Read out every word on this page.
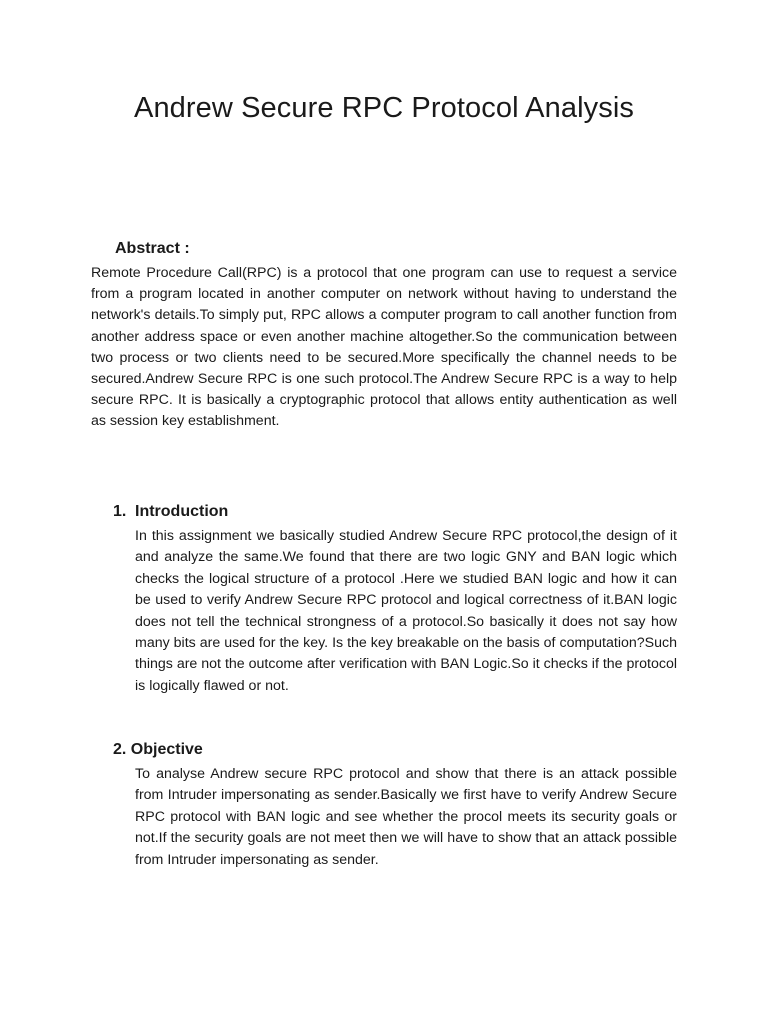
Andrew Secure RPC Protocol Analysis
Abstract :

Remote Procedure Call(RPC) is a protocol that one program can use to request a service from a program located in another computer on network without having to understand the network's details.To simply put, RPC allows a computer program to call another function from another address space or even another machine altogether.So the communication between two process or two clients need to be secured.More specifically the channel needs to be secured.Andrew Secure RPC is one such protocol.The Andrew Secure RPC is a way to help secure RPC. It is basically a cryptographic protocol that allows entity authentication as well as session key establishment.

1. Introduction

In this assignment we basically studied Andrew Secure RPC protocol,the design of it and analyze the same.We found that there are two logic GNY and BAN logic which checks the logical structure of a protocol .Here we studied BAN logic and how it can be used to verify Andrew Secure RPC protocol and logical correctness of it.BAN logic does not tell the technical strongness of a protocol.So basically it does not say how many bits are used for the key. Is the key breakable on the basis of computation?Such things are not the outcome after verification with BAN Logic.So it checks if the protocol is logically flawed or not.

2. Objective

To analyse Andrew secure RPC protocol and show that there is an attack possible from Intruder impersonating as sender.Basically we first have to verify Andrew Secure RPC protocol with BAN logic and see whether the procol meets its security goals or not.If the security goals are not meet then we will have to show that an attack possible from Intruder impersonating as sender.
